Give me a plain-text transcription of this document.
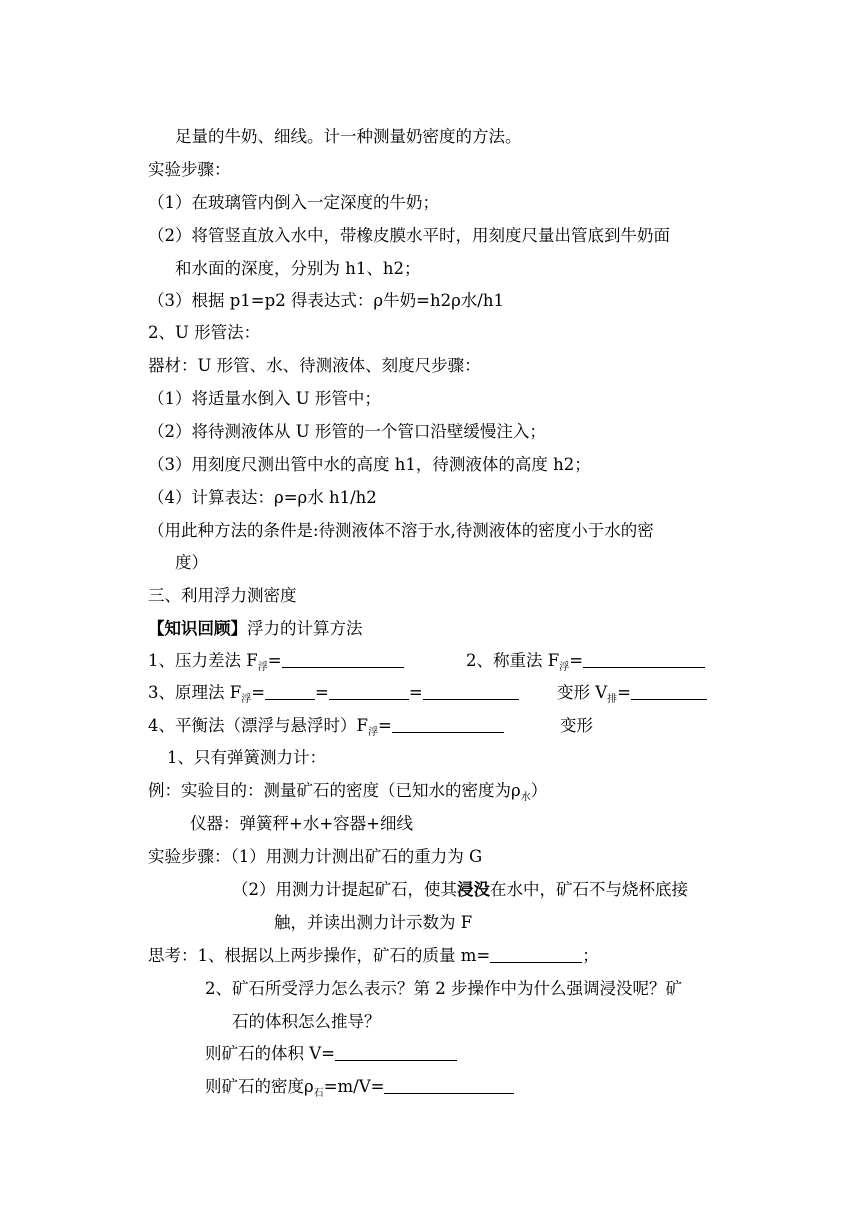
足量的牛奶、细线。计一种测量奶密度的方法。
实验步骤：
（1）在玻璃管内倒入一定深度的牛奶；
（2）将管竖直放入水中，带橡皮膜水平时，用刻度尺量出管底到牛奶面
和水面的深度，分别为 h1、h2；
（3）根据 p1=p2 得表达式：ρ牛奶=h2ρ水/h1
2、U 形管法：
器材：U 形管、水、待测液体、刻度尺步骤：
（1）将适量水倒入 U 形管中；
（2）将待测液体从 U 形管的一个管口沿壁缓慢注入；
（3）用刻度尺测出管中水的高度 h1，待测液体的高度 h2；
（4）计算表达：ρ=ρ水 h1/h2
（用此种方法的条件是:待测液体不溶于水,待测液体的密度小于水的密
度）
三、利用浮力测密度
【知识回顾】浮力的计算方法
1、压力差法 $F_浮=$	2、称重法 $F_浮=$
3、原理法 $F_浮=$	=	=	变形 $V_排=$
4、平衡法（漂浮与悬浮时）$F_浮=$	变形
1、只有弹簧测力计：
例：实验目的：测量矿石的密度（已知水的密度为$\rho_水$）
仪器：弹簧秤+水+容器+细线
实验步骤：（1）用测力计测出矿石的重力为 G
（2）用测力计提起矿石，使其浸没在水中，矿石不与烧杯底接
触，并读出测力计示数为 F
思考：1、根据以上两步操作，矿石的质量 m=	；
2、矿石所受浮力怎么表示？第 2 步操作中为什么强调浸没呢？矿
石的体积怎么推导？
则矿石的体积 V=
则矿石的密度$\rho_石=m/V=$
